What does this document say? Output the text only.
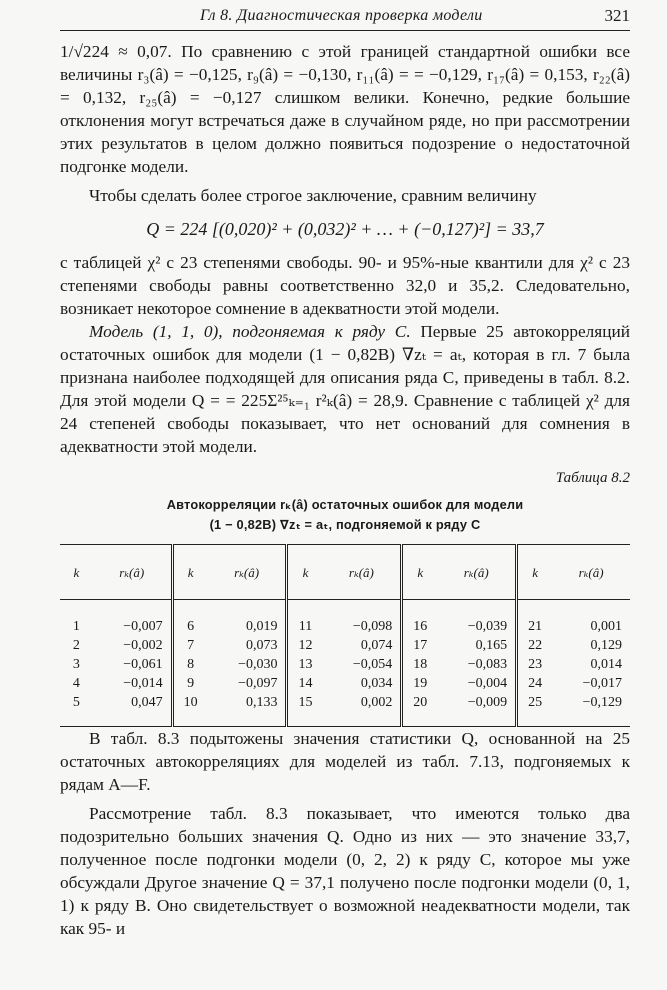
Гл 8. Диагностическая проверка модели	321

1/√224 ≈ 0,07. По сравнению с этой границей стандартной ошибки все величины r₃(â) = −0,125, r₉(â) = −0,130, r₁₁(â) = = −0,129, r₁₇(â) = 0,153, r₂₂(â) = 0,132, r₂₅(â) = −0,127 слишком велики. Конечно, редкие большие отклонения могут встречаться даже в случайном ряде, но при рассмотрении этих результатов в целом должно появиться подозрение о недостаточной подгонке модели.

Чтобы сделать более строгое заключение, сравним величину

Q = 224 [(0,020)² + (0,032)² + … + (−0,127)²] = 33,7

с таблицей χ² с 23 степенями свободы. 90- и 95%-ные квантили для χ² с 23 степенями свободы равны соответственно 32,0 и 35,2. Следовательно, возникает некоторое сомнение в адекватности этой модели.

Модель (1, 1, 0), подгоняемая к ряду С. Первые 25 автокорреляций остаточных ошибок для модели (1 − 0,82B) ∇zₜ = aₜ, которая в гл. 7 была признана наиболее подходящей для описания ряда С, приведены в табл. 8.2. Для этой модели Q = = 225Σ²⁵ₖ₌₁ r²ₖ(â) = 28,9. Сравнение с таблицей χ² для 24 степеней свободы показывает, что нет оснований для сомнения в адекватности этой модели.

Таблица 8.2

Автокорреляции rₖ(â) остаточных ошибок для модели
(1 − 0,82B) ∇zₜ = aₜ, подгоняемой к ряду С

k	rₖ(â)	k	rₖ(â)	k	rₖ(â)	k	rₖ(â)	k	rₖ(â)
1	−0,007	6	0,019	11	−0,098	16	−0,039	21	0,001
2	−0,002	7	0,073	12	0,074	17	0,165	22	0,129
3	−0,061	8	−0,030	13	−0,054	18	−0,083	23	0,014
4	−0,014	9	−0,097	14	0,034	19	−0,004	24	−0,017
5	0,047	10	0,133	15	0,002	20	−0,009	25	−0,129

В табл. 8.3 подытожены значения статистики Q, основанной на 25 остаточных автокорреляциях для моделей из табл. 7.13, подгоняемых к рядам А—F.

Рассмотрение табл. 8.3 показывает, что имеются только два подозрительно больших значения Q. Одно из них — это значение 33,7, полученное после подгонки модели (0, 2, 2) к ряду С, которое мы уже обсуждали Другое значение Q = 37,1 получено после подгонки модели (0, 1, 1) к ряду В. Оно свидетельствует о возможной неадекватности модели, так как 95- и
